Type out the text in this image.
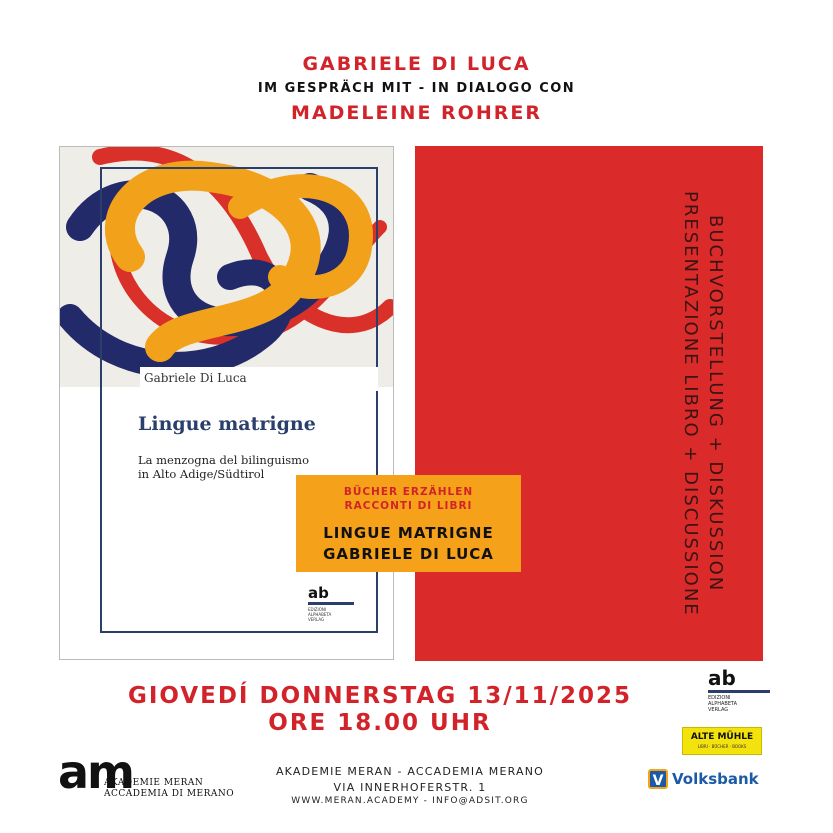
GABRIELE DI LUCA
IM GESPRÄCH MIT - IN DIALOGO CON
MADELEINE ROHRER
Gabriele Di Luca
Lingue matrigne
La menzogna del bilinguismo
in Alto Adige/Südtirol
ab
EDIZIONI
ALPHABETA
VERLAG
BUCHVORSTELLUNG + DISKUSSION
PRESENTAZIONE LIBRO + DISCUSSIONE
BÜCHER ERZÄHLEN
RACCONTI DI LIBRI
LINGUE MATRIGNE
GABRIELE DI LUCA
GIOVEDÍ DONNERSTAG 13/11/2025
ORE 18.00 UHR
am
AKADEMIE MERAN
ACCADEMIA DI MERANO
AKADEMIE MERAN - ACCADEMIA MERANO
VIA INNERHOFERSTR. 1
WWW.MERAN.ACADEMY - INFO@ADSIT.ORG
ab
EDIZIONI
ALPHABETA
VERLAG
ALTE MÜHLE
LIBRI · BÜCHER · BOOKS
V Volksbank
